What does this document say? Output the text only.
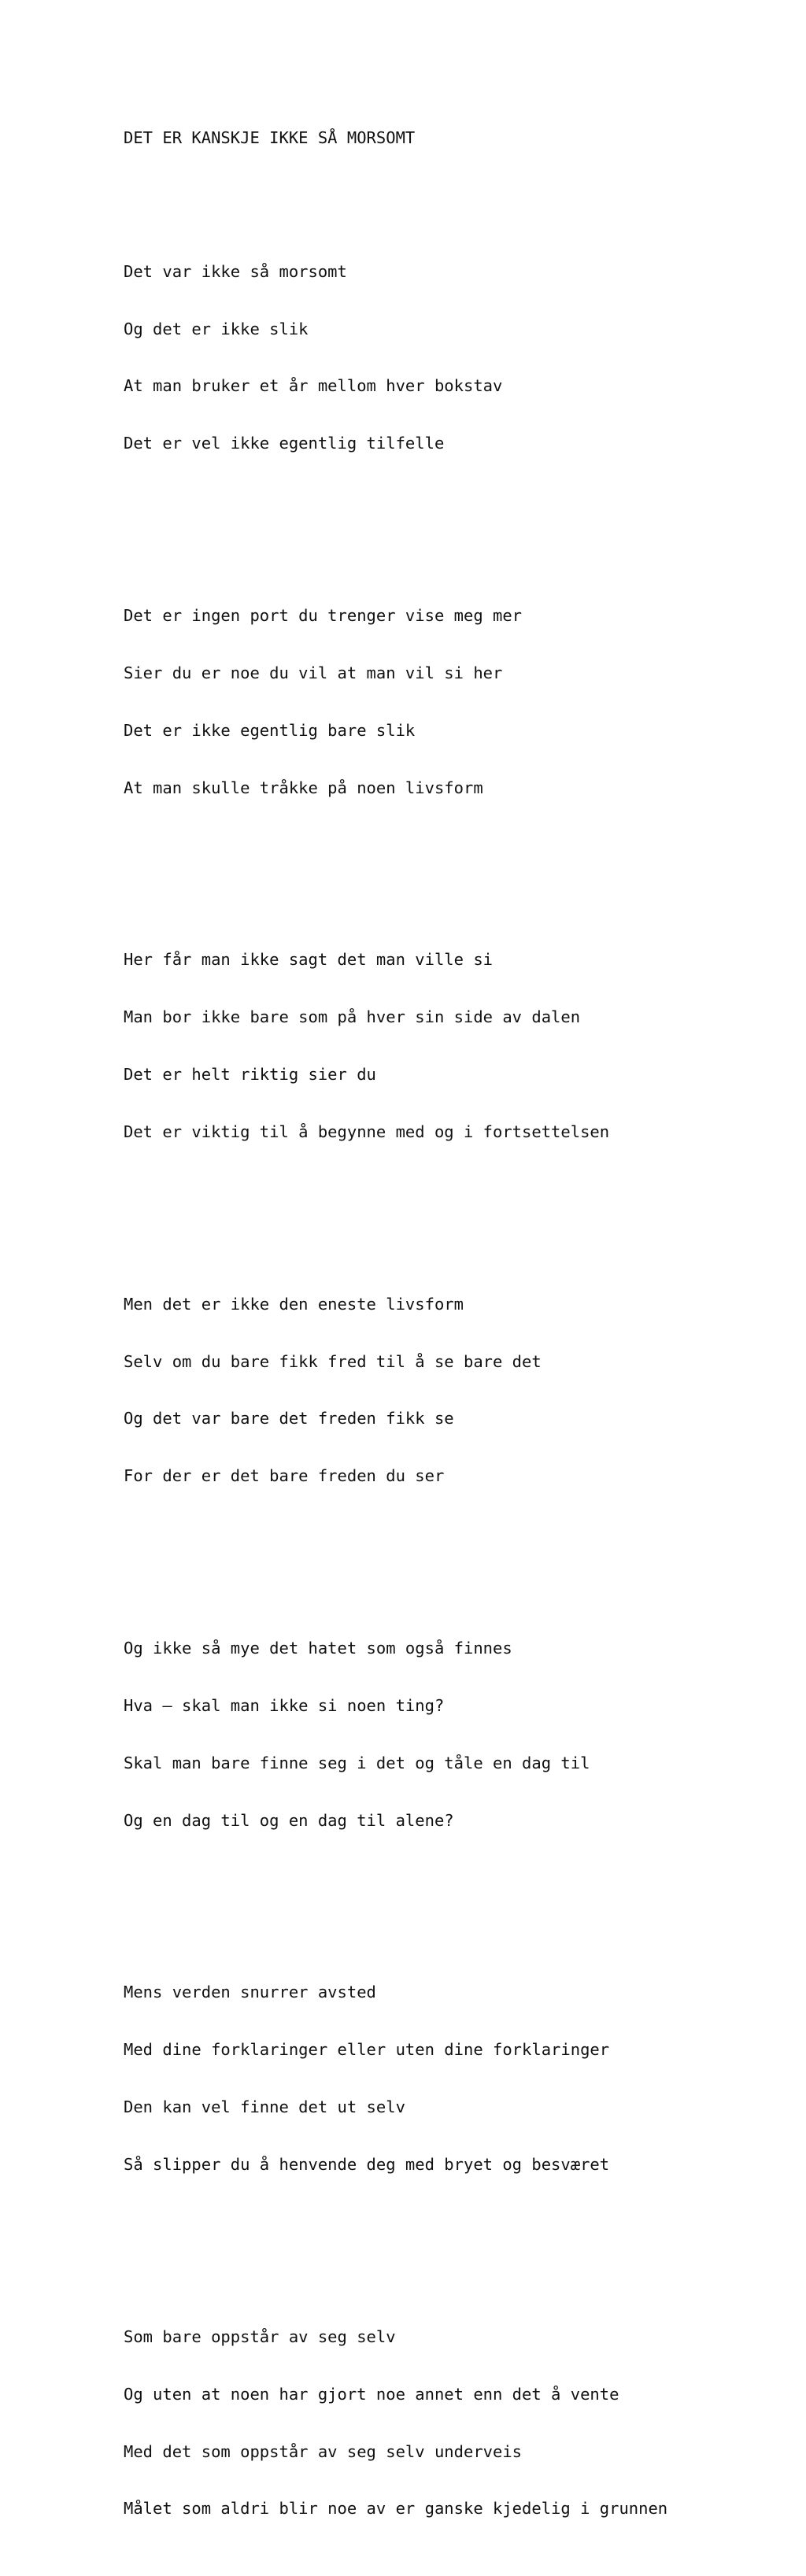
DET ER KANSKJE IKKE SÅ MORSOMT

Det var ikke så morsomt

Og det er ikke slik

At man bruker et år mellom hver bokstav

Det er vel ikke egentlig tilfelle

Det er ingen port du trenger vise meg mer

Sier du er noe du vil at man vil si her

Det er ikke egentlig bare slik

At man skulle tråkke på noen livsform

Her får man ikke sagt det man ville si

Man bor ikke bare som på hver sin side av dalen

Det er helt riktig sier du

Det er viktig til å begynne med og i fortsettelsen

Men det er ikke den eneste livsform

Selv om du bare fikk fred til å se bare det

Og det var bare det freden fikk se

For der er det bare freden du ser

Og ikke så mye det hatet som også finnes

Hva – skal man ikke si noen ting?

Skal man bare finne seg i det og tåle en dag til

Og en dag til og en dag til alene?

Mens verden snurrer avsted

Med dine forklaringer eller uten dine forklaringer

Den kan vel finne det ut selv

Så slipper du å henvende deg med bryet og besværet

Som bare oppstår av seg selv

Og uten at noen har gjort noe annet enn det å vente

Med det som oppstår av seg selv underveis

Målet som aldri blir noe av er ganske kjedelig i grunnen
